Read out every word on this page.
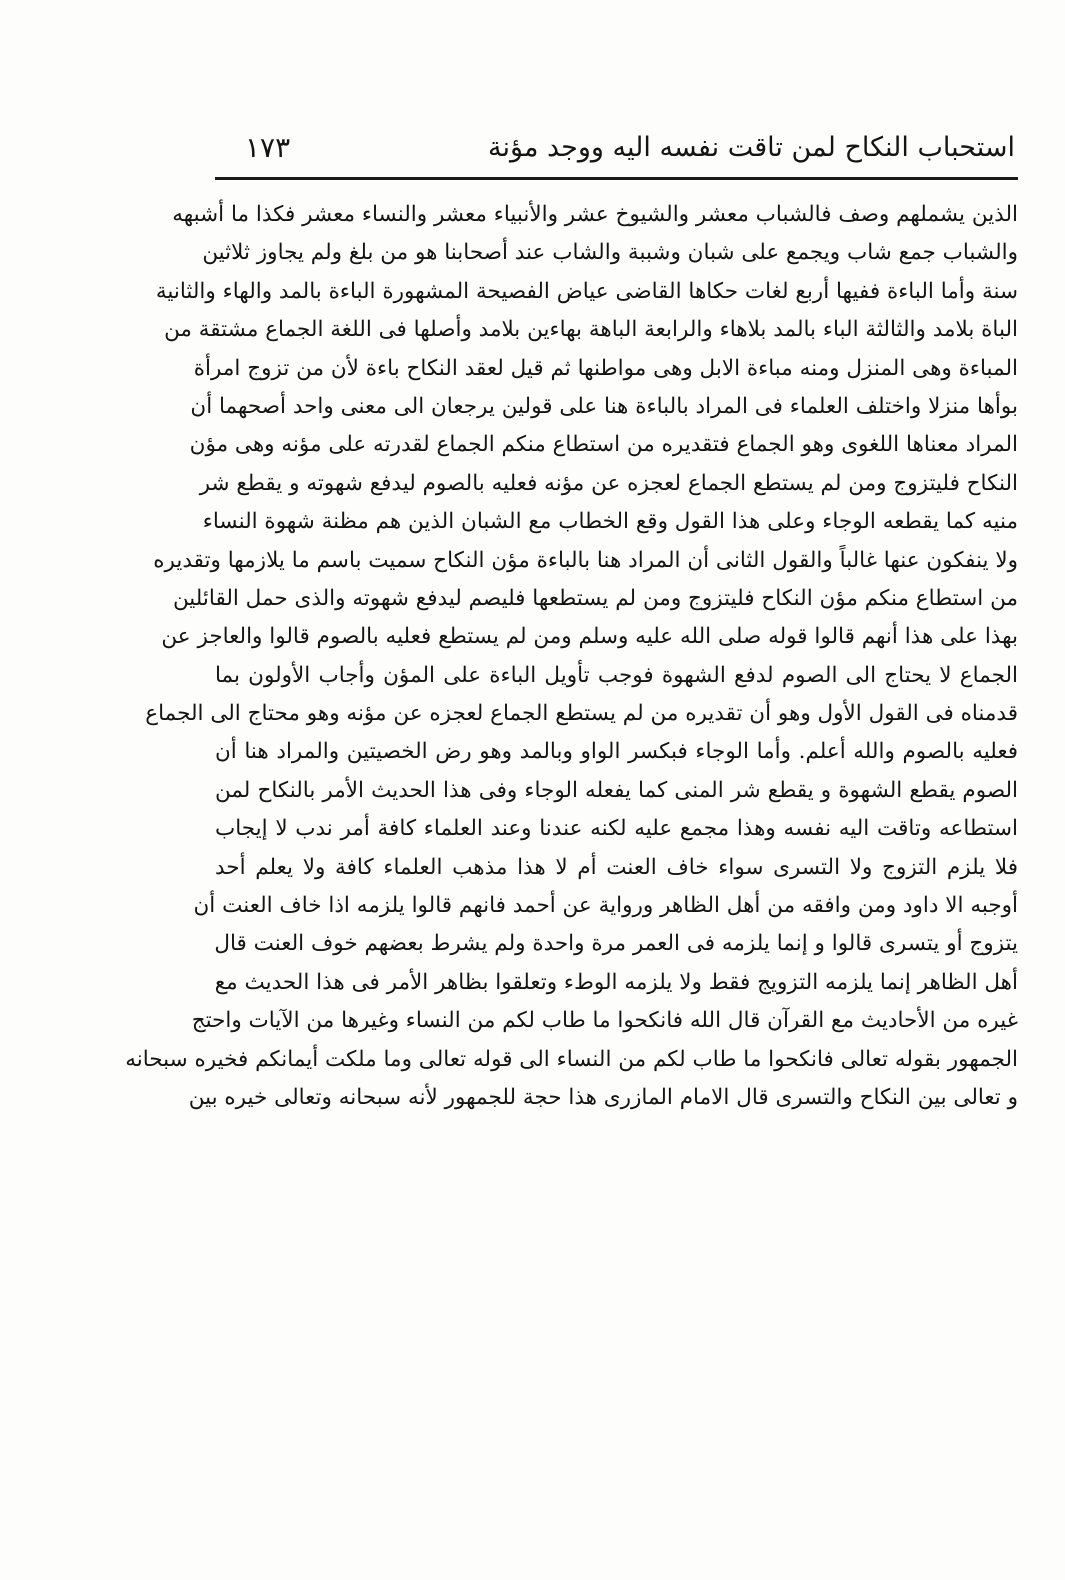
استحباب النكاح لمن تاقت نفسه اليه ووجد مؤنة
١٧٣
الذين يشملهم وصف فالشباب معشر والشيوخ عشر والأنبياء معشر والنساء معشر فكذا ما أشبهه
والشباب جمع شاب ويجمع على شبان وشببة والشاب عند أصحابنا هو من بلغ ولم يجاوز ثلاثين
سنة وأما الباءة ففيها أربع لغات حكاها القاضى عياض الفصيحة المشهورة الباءة بالمد والهاء والثانية
الباة بلامد والثالثة الباء بالمد بلاهاء والرابعة الباهة بهاءين بلامد وأصلها فى اللغة الجماع مشتقة من
المباءة وهى المنزل ومنه مباءة الابل وهى مواطنها ثم قيل لعقد النكاح باءة لأن من تزوج امرأة
بوأها منزلا واختلف العلماء فى المراد بالباءة هنا على قولين يرجعان الى معنى واحد أصحهما أن
المراد معناها اللغوى وهو الجماع فتقديره من استطاع منكم الجماع لقدرته على مؤنه وهى مؤن
النكاح فليتزوج ومن لم يستطع الجماع لعجزه عن مؤنه فعليه بالصوم ليدفع شهوته و يقطع شر
منيه كما يقطعه الوجاء وعلى هذا القول وقع الخطاب مع الشبان الذين هم مظنة شهوة النساء
ولا ينفكون عنها غالباً والقول الثانى أن المراد هنا بالباءة مؤن النكاح سميت باسم ما يلازمها وتقديره
من استطاع منكم مؤن النكاح فليتزوج ومن لم يستطعها فليصم ليدفع شهوته والذى حمل القائلين
بهذا على هذا أنهم قالوا قوله صلى الله عليه وسلم ومن لم يستطع فعليه بالصوم قالوا والعاجز عن
الجماع لا يحتاج الى الصوم لدفع الشهوة فوجب تأويل الباءة على المؤن وأجاب الأولون بما
قدمناه فى القول الأول وهو أن تقديره من لم يستطع الجماع لعجزه عن مؤنه وهو محتاج الى الجماع
فعليه بالصوم والله أعلم. وأما الوجاء فبكسر الواو وبالمد وهو رض الخصيتين والمراد هنا أن
الصوم يقطع الشهوة و يقطع شر المنى كما يفعله الوجاء وفى هذا الحديث الأمر بالنكاح لمن
استطاعه وتاقت اليه نفسه وهذا مجمع عليه لكنه عندنا وعند العلماء كافة أمر ندب لا إيجاب
فلا يلزم التزوج ولا التسرى سواء خاف العنت أم لا هذا مذهب العلماء كافة ولا يعلم أحد
أوجبه الا داود ومن وافقه من أهل الظاهر ورواية عن أحمد فانهم قالوا يلزمه اذا خاف العنت أن
يتزوج أو يتسرى قالوا و إنما يلزمه فى العمر مرة واحدة ولم يشرط بعضهم خوف العنت قال
أهل الظاهر إنما يلزمه التزويج فقط ولا يلزمه الوطء وتعلقوا بظاهر الأمر فى هذا الحديث مع
غيره من الأحاديث مع القرآن قال الله فانكحوا ما طاب لكم من النساء وغيرها من الآيات واحتج
الجمهور بقوله تعالى فانكحوا ما طاب لكم من النساء الى قوله تعالى وما ملكت أيمانكم فخيره سبحانه
و تعالى بين النكاح والتسرى قال الامام المازرى هذا حجة للجمهور لأنه سبحانه وتعالى خيره بين
